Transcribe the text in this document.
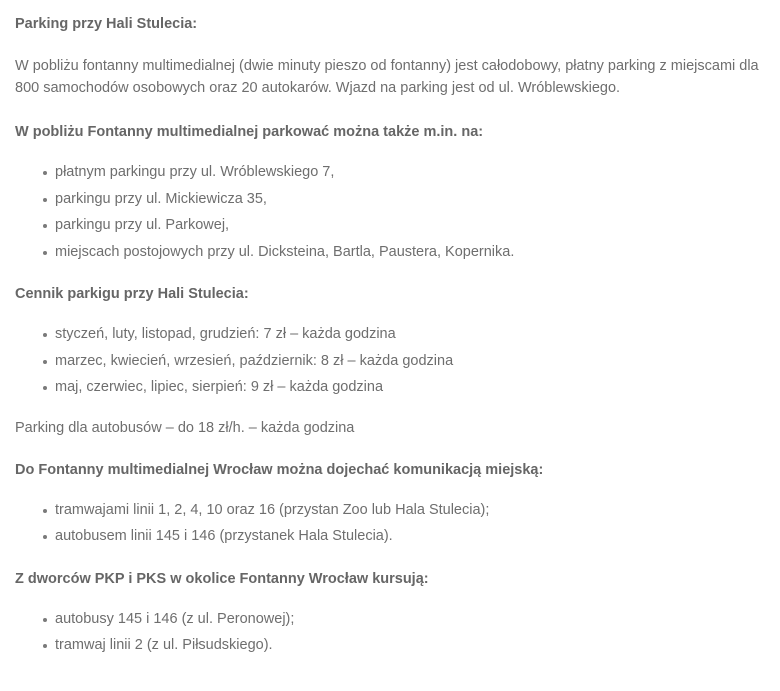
Parking przy Hali Stulecia:

W pobliżu fontanny multimedialnej (dwie minuty pieszo od fontanny) jest całodobowy, płatny parking z miejscami dla 800 samochodów osobowych oraz 20 autokarów. Wjazd na parking jest od ul. Wróblewskiego.

W pobliżu Fontanny multimedialnej parkować można także m.in. na:
płatnym parkingu przy ul. Wróblewskiego 7,
parkingu przy ul. Mickiewicza 35,
parkingu przy ul. Parkowej,
miejscach postojowych przy ul. Dicksteina, Bartla, Paustera, Kopernika.
Cennik parkigu przy Hali Stulecia:
styczeń, luty, listopad, grudzień: 7 zł – każda godzina
marzec, kwiecień, wrzesień, październik: 8 zł – każda godzina
maj, czerwiec, lipiec, sierpień: 9 zł – każda godzina

Parking dla autobusów – do 18 zł/h. – każda godzina

Do Fontanny multimedialnej Wrocław można dojechać komunikacją miejską:
tramwajami linii 1, 2, 4, 10 oraz 16 (przystan Zoo lub Hala Stulecia);
autobusem linii 145 i 146 (przystanek Hala Stulecia).
Z dworców PKP i PKS w okolice Fontanny Wrocław kursują:
autobusy 145 i 146 (z ul. Peronowej);
tramwaj linii 2 (z ul. Piłsudskiego).
